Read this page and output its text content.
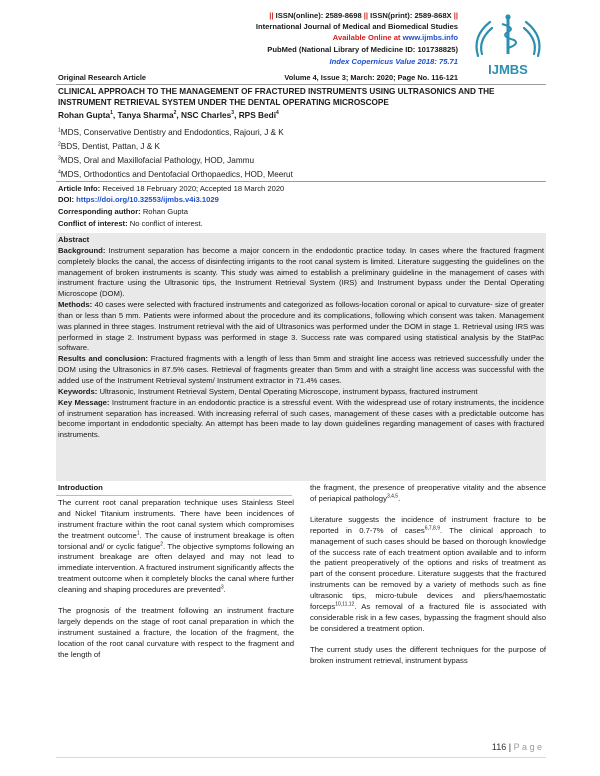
|| ISSN(online): 2589-8698 || ISSN(print): 2589-868X ||
International Journal of Medical and Biomedical Studies
Available Online at www.ijmbs.info
PubMed (National Library of Medicine ID: 101738825)
Index Copernicus Value 2018: 75.71
IJMBS
Original Research Article	Volume 4, Issue 3; March: 2020; Page No. 116-121
CLINICAL APPROACH TO THE MANAGEMENT OF FRACTURED INSTRUMENTS USING ULTRASONICS AND THE INSTRUMENT RETRIEVAL SYSTEM UNDER THE DENTAL OPERATING MICROSCOPE
Rohan Gupta$^1$, Tanya Sharma$^2$, NSC Charles$^3$, RPS Bedi$^4$
$^1$MDS, Conservative Dentistry and Endodontics, Rajouri, J & K
$^2$BDS, Dentist, Pattan, J & K
$^3$MDS, Oral and Maxillofacial Pathology, HOD, Jammu
$^4$MDS, Orthodontics and Dentofacial Orthopaedics, HOD, Meerut
Article Info: Received 18 February 2020; Accepted 18 March 2020
DOI: https://doi.org/10.32553/ijmbs.v4i3.1029
Corresponding author: Rohan Gupta
Conflict of interest: No conflict of interest.

Abstract

Background: Instrument separation has become a major concern in the endodontic practice today. In cases where the fractured fragment completely blocks the canal, the access of disinfecting irrigants to the root canal system is limited. Literature suggesting the guidelines on the management of broken instruments is scanty. This study was aimed to establish a preliminary guideline in the management of cases with instrument fracture using the Ultrasonic tips, the Instrument Retrieval System (IRS) and Instrument bypass under the Dental Operating Microscope (DOM).

Methods: 40 cases were selected with fractured instruments and categorized as follows-location coronal or apical to curvature- size of greater than or less than 5 mm. Patients were informed about the procedure and its complications, following which consent was taken. Management was planned in three stages. Instrument retrieval with the aid of Ultrasonics was performed under the DOM in stage 1. Retrieval using IRS was performed in stage 2. Instrument bypass was performed in stage 3. Success rate was compared using statistical analysis by the StatPac software.

Results and conclusion: Fractured fragments with a length of less than 5mm and straight line access was retrieved successfully under the DOM using the Ultrasonics in 87.5% cases. Retrieval of fragments greater than 5mm and with a straight line access was successful with the added use of the Instrument Retrieval system/ Instrument extractor in 71.4% cases.

Keywords: Ultrasonic, Instrument Retrieval System, Dental Operating Microscope, instrument bypass, fractured instrument

Key Message: Instrument fracture in an endodontic practice is a stressful event. With the widespread use of rotary instruments, the incidence of instrument separation has increased. With increasing referral of such cases, management of these cases with a predictable outcome has become important in endodontic specialty. An attempt has been made to lay down guidelines regarding management of cases with fractured instruments.

Introduction

The current root canal preparation technique uses Stainless Steel and Nickel Titanium instruments. There have been incidences of instrument fracture within the root canal system which compromises the treatment outcome$^1$. The cause of instrument breakage is often torsional and/ or cyclic fatigue$^2$. The objective symptoms following an instrument breakage are often delayed and may not lead to immediate intervention. A fractured instrument significantly affects the treatment outcome when it completely blocks the canal where further cleaning and shaping procedures are prevented$^3$.

The prognosis of the treatment following an instrument fracture largely depends on the stage of root canal preparation in which the instrument sustained a fracture, the location of the fragment, the location of the root canal curvature with respect to the fragment and the length of

the fragment, the presence of preoperative vitality and the absence of periapical pathology$^{3,4,5}$.

Literature suggests the incidence of instrument fracture to be reported in 0.7-7% of cases$^{6,7,8,9}$. The clinical approach to management of such cases should be based on thorough knowledge of the success rate of each treatment option available and to inform the patient preoperatively of the options and risks of treatment as part of the consent procedure. Literature suggests that the fractured instruments can be removed by a variety of methods such as fine ultrasonic tips, micro-tubule devices and pliers/haemostatic forceps$^{10,11,12}$. As removal of a fractured file is associated with considerable risk in a few cases, bypassing the fragment should also be considered a treatment option.

The current study uses the different techniques for the purpose of broken instrument retrieval, instrument bypass

116 | P a g e
